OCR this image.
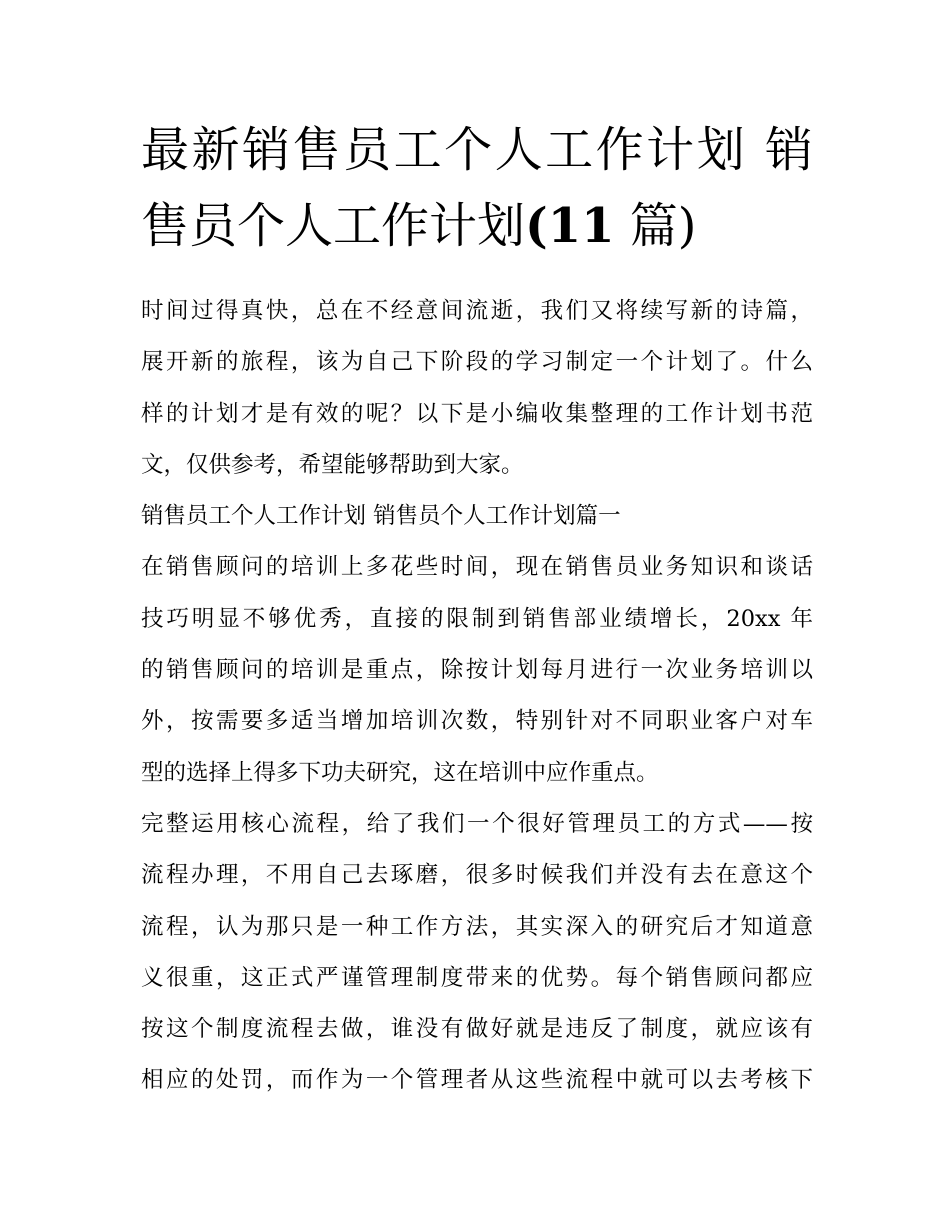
最新销售员工个人工作计划 销
售员个人工作计划(11 篇)

时间过得真快，总在不经意间流逝，我们又将续写新的诗篇，
展开新的旅程，该为自己下阶段的学习制定一个计划了。什么
样的计划才是有效的呢？以下是小编收集整理的工作计划书范
文，仅供参考，希望能够帮助到大家。

销售员工个人工作计划 销售员个人工作计划篇一

在销售顾问的培训上多花些时间，现在销售员业务知识和谈话
技巧明显不够优秀，直接的限制到销售部业绩增长，20xx 年
的销售顾问的培训是重点，除按计划每月进行一次业务培训以
外，按需要多适当增加培训次数，特别针对不同职业客户对车
型的选择上得多下功夫研究，这在培训中应作重点。

完整运用核心流程，给了我们一个很好管理员工的方式——按
流程办理，不用自己去琢磨，很多时候我们并没有去在意这个
流程，认为那只是一种工作方法，其实深入的研究后才知道意
义很重，这正式严谨管理制度带来的优势。每个销售顾问都应
按这个制度流程去做，谁没有做好就是违反了制度，就应该有
相应的处罚，而作为一个管理者从这些流程中就可以去考核下
